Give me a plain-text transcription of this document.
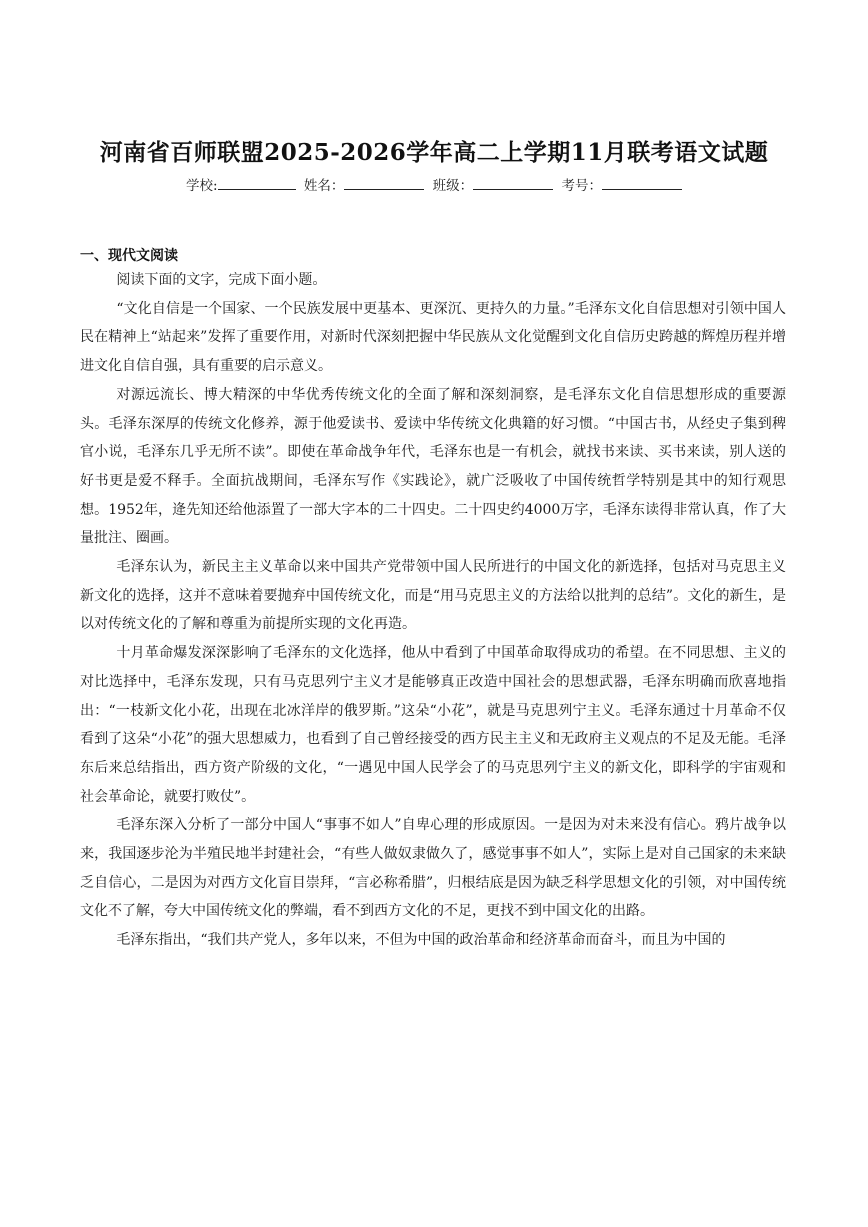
河南省百师联盟2025-2026学年高二上学期11月联考语文试题
学校:	姓名：	班级：	考号：
一、现代文阅读

阅读下面的文字，完成下面小题。

“文化自信是一个国家、一个民族发展中更基本、更深沉、更持久的力量。”毛泽东文化自信思想对引领中国人民在精神上“站起来”发挥了重要作用，对新时代深刻把握中华民族从文化觉醒到文化自信历史跨越的辉煌历程并增进文化自信自强，具有重要的启示意义。

对源远流长、博大精深的中华优秀传统文化的全面了解和深刻洞察，是毛泽东文化自信思想形成的重要源头。毛泽东深厚的传统文化修养，源于他爱读书、爱读中华传统文化典籍的好习惯。“中国古书，从经史子集到稗官小说，毛泽东几乎无所不读”。即使在革命战争年代，毛泽东也是一有机会，就找书来读、买书来读，别人送的好书更是爱不释手。全面抗战期间，毛泽东写作《实践论》，就广泛吸收了中国传统哲学特别是其中的知行观思想。1952年，逄先知还给他添置了一部大字本的二十四史。二十四史约4000万字，毛泽东读得非常认真，作了大量批注、圈画。

毛泽东认为，新民主主义革命以来中国共产党带领中国人民所进行的中国文化的新选择，包括对马克思主义新文化的选择，这并不意味着要抛弃中国传统文化，而是“用马克思主义的方法给以批判的总结”。文化的新生，是以对传统文化的了解和尊重为前提所实现的文化再造。

十月革命爆发深深影响了毛泽东的文化选择，他从中看到了中国革命取得成功的希望。在不同思想、主义的对比选择中，毛泽东发现，只有马克思列宁主义才是能够真正改造中国社会的思想武器，毛泽东明确而欣喜地指出：“一枝新文化小花，出现在北冰洋岸的俄罗斯。”这朵“小花”，就是马克思列宁主义。毛泽东通过十月革命不仅看到了这朵“小花”的强大思想威力，也看到了自己曾经接受的西方民主主义和无政府主义观点的不足及无能。毛泽东后来总结指出，西方资产阶级的文化，“一遇见中国人民学会了的马克思列宁主义的新文化，即科学的宇宙观和社会革命论，就要打败仗”。

毛泽东深入分析了一部分中国人“事事不如人”自卑心理的形成原因。一是因为对未来没有信心。鸦片战争以来，我国逐步沦为半殖民地半封建社会，“有些人做奴隶做久了，感觉事事不如人”，实际上是对自己国家的未来缺乏自信心，二是因为对西方文化盲目崇拜，“言必称希腊”，归根结底是因为缺乏科学思想文化的引领，对中国传统文化不了解，夸大中国传统文化的弊端，看不到西方文化的不足，更找不到中国文化的出路。

毛泽东指出，“我们共产党人，多年以来，不但为中国的政治革命和经济革命而奋斗，而且为中国的
